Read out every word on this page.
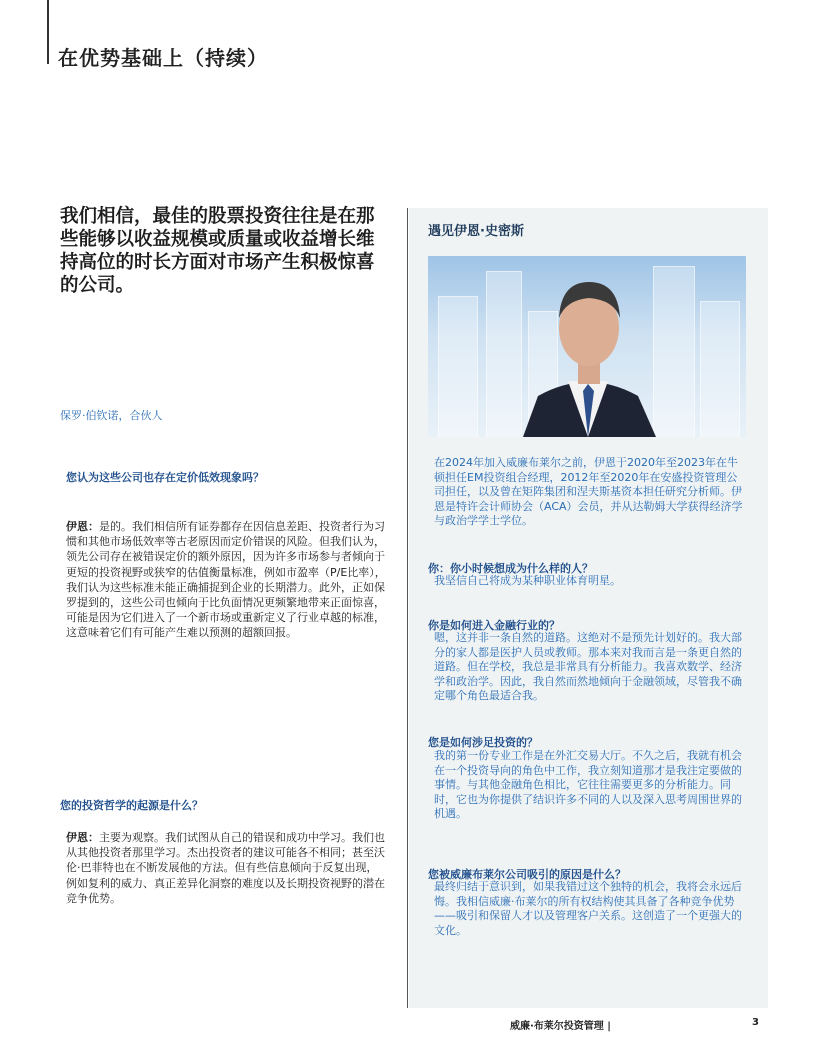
在优势基础上（持续）
我们相信，最佳的股票投资往往是在那些能够以收益规模或质量或收益增长维持高位的时长方面对市场产生积极惊喜的公司。
保罗·伯钦诺，合伙人
您认为这些公司也存在定价低效现象吗？
伊恩：是的。我们相信所有证券都存在因信息差距、投资者行为习惯和其他市场低效率等古老原因而定价错误的风险。但我们认为，领先公司存在被错误定价的额外原因，因为许多市场参与者倾向于更短的投资视野或狭窄的估值衡量标准，例如市盈率（P/E比率），我们认为这些标准未能正确捕捉到企业的长期潜力。此外，正如保罗提到的，这些公司也倾向于比负面情况更频繁地带来正面惊喜，可能是因为它们进入了一个新市场或重新定义了行业卓越的标准，这意味着它们有可能产生难以预测的超额回报。
您的投资哲学的起源是什么？
伊恩：主要为观察。我们试图从自己的错误和成功中学习。我们也从其他投资者那里学习。杰出投资者的建议可能各不相同；甚至沃伦·巴菲特也在不断发展他的方法。但有些信息倾向于反复出现，例如复利的威力、真正差异化洞察的难度以及长期投资视野的潜在竞争优势。
遇见伊恩·史密斯
在2024年加入威廉布莱尔之前，伊恩于2020年至2023年在牛顿担任EM投资组合经理，2012年至2020年在安盛投资管理公司担任，以及曾在矩阵集团和涅夫斯基资本担任研究分析师。伊恩是特许会计师协会（ACA）会员，并从达勒姆大学获得经济学与政治学学士学位。
你：你小时候想成为什么样的人？
我坚信自己将成为某种职业体育明星。
你是如何进入金融行业的？
嗯，这并非一条自然的道路。这绝对不是预先计划好的。我大部分的家人都是医护人员或教师。那本来对我而言是一条更自然的道路。但在学校，我总是非常具有分析能力。我喜欢数学、经济学和政治学。因此，我自然而然地倾向于金融领域，尽管我不确定哪个角色最适合我。
您是如何涉足投资的？
我的第一份专业工作是在外汇交易大厅。不久之后，我就有机会在一个投资导向的角色中工作，我立刻知道那才是我注定要做的事情。与其他金融角色相比，它往往需要更多的分析能力。同时，它也为你提供了结识许多不同的人以及深入思考周围世界的机遇。
您被威廉布莱尔公司吸引的原因是什么？
最终归结于意识到，如果我错过这个独特的机会，我将会永远后悔。我相信威廉·布莱尔的所有权结构使其具备了各种竞争优势——吸引和保留人才以及管理客户关系。这创造了一个更强大的文化。
威廉·布莱尔投资管理 |	3
